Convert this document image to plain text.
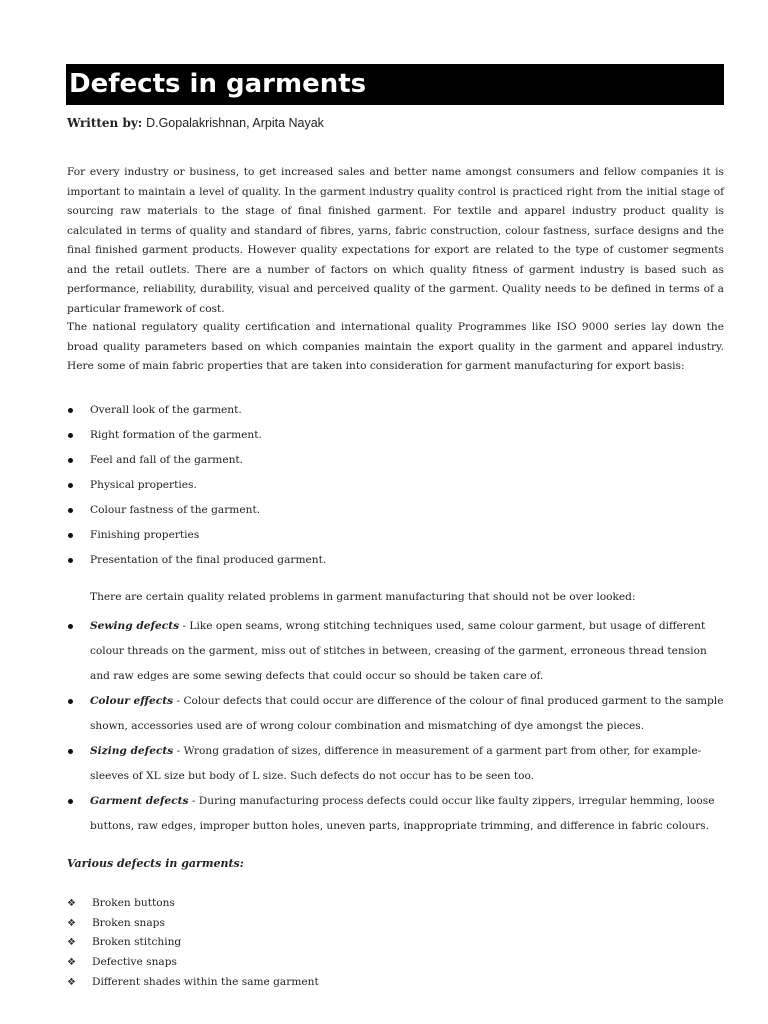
Defects in garments
Written by: D.Gopalakrishnan, Arpita Nayak
For every industry or business, to get increased sales and better name amongst consumers and fellow companies it is important to maintain a level of quality. In the garment industry quality control is practiced right from the initial stage of sourcing raw materials to the stage of final finished garment. For textile and apparel industry product quality is calculated in terms of quality and standard of fibres, yarns, fabric construction, colour fastness, surface designs and the final finished garment products. However quality expectations for export are related to the type of customer segments and the retail outlets. There are a number of factors on which quality fitness of garment industry is based such as performance, reliability, durability, visual and perceived quality of the garment. Quality needs to be defined in terms of a particular framework of cost.
The national regulatory quality certification and international quality Programmes like ISO 9000 series lay down the broad quality parameters based on which companies maintain the export quality in the garment and apparel industry. Here some of main fabric properties that are taken into consideration for garment manufacturing for export basis:
Overall look of the garment.
Right formation of the garment.
Feel and fall of the garment.
Physical properties.
Colour fastness of the garment.
Finishing properties
Presentation of the final produced garment.
There are certain quality related problems in garment manufacturing that should not be over looked:
Sewing defects - Like open seams, wrong stitching techniques used, same colour garment, but usage of different colour threads on the garment, miss out of stitches in between, creasing of the garment, erroneous thread tension and raw edges are some sewing defects that could occur so should be taken care of.
Colour effects - Colour defects that could occur are difference of the colour of final produced garment to the sample shown, accessories used are of wrong colour combination and mismatching of dye amongst the pieces.
Sizing defects - Wrong gradation of sizes, difference in measurement of a garment part from other, for example- sleeves of XL size but body of L size. Such defects do not occur has to be seen too.
Garment defects - During manufacturing process defects could occur like faulty zippers, irregular hemming, loose buttons, raw edges, improper button holes, uneven parts, inappropriate trimming, and difference in fabric colours.
Various defects in garments:
❖ Broken buttons
❖ Broken snaps
❖ Broken stitching
❖ Defective snaps
❖ Different shades within the same garment
